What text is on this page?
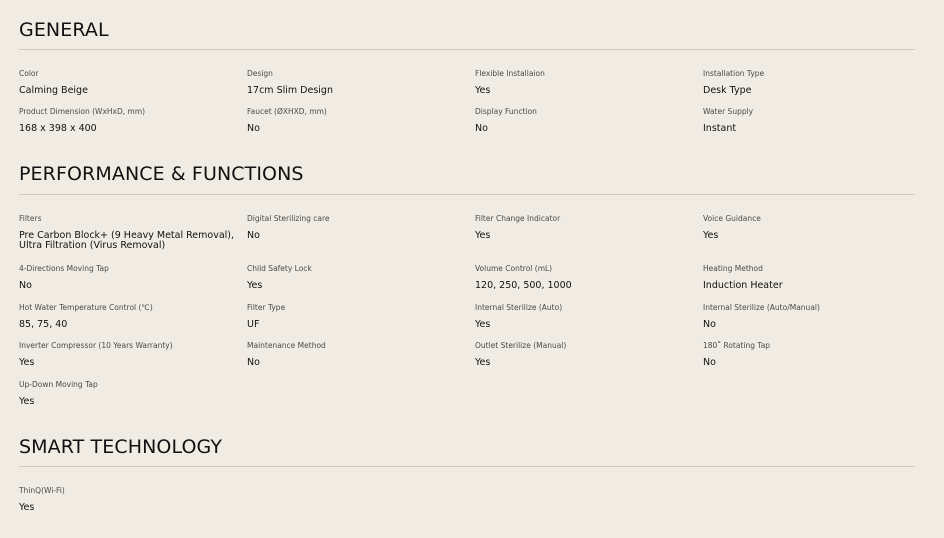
GENERAL
Color
Calming Beige
Design
17cm Slim Design
Flexible Installaion
Yes
Installation Type
Desk Type
Product Dimension (WxHxD, mm)
168 x 398 x 400
Faucet (ØXHXD, mm)
No
Display Function
No
Water Supply
Instant
PERFORMANCE & FUNCTIONS
Filters
Pre Carbon Block+ (9 Heavy Metal Removal),
Ultra Filtration (Virus Removal)
Digital Sterilizing care
No
Filter Change Indicator
Yes
Voice Guidance
Yes
4-Directions Moving Tap
No
Child Safety Lock
Yes
Volume Control (mL)
120, 250, 500, 1000
Heating Method
Induction Heater
Hot Water Temperature Control (℃)
85, 75, 40
Filter Type
UF
Internal Sterilize (Auto)
Yes
Internal Sterilize (Auto/Manual)
No
Inverter Compressor (10 Years Warranty)
Yes
Maintenance Method
No
Outlet Sterilize (Manual)
Yes
180˚ Rotating Tap
No
Up-Down Moving Tap
Yes
SMART TECHNOLOGY
ThinQ(Wi-Fi)
Yes
